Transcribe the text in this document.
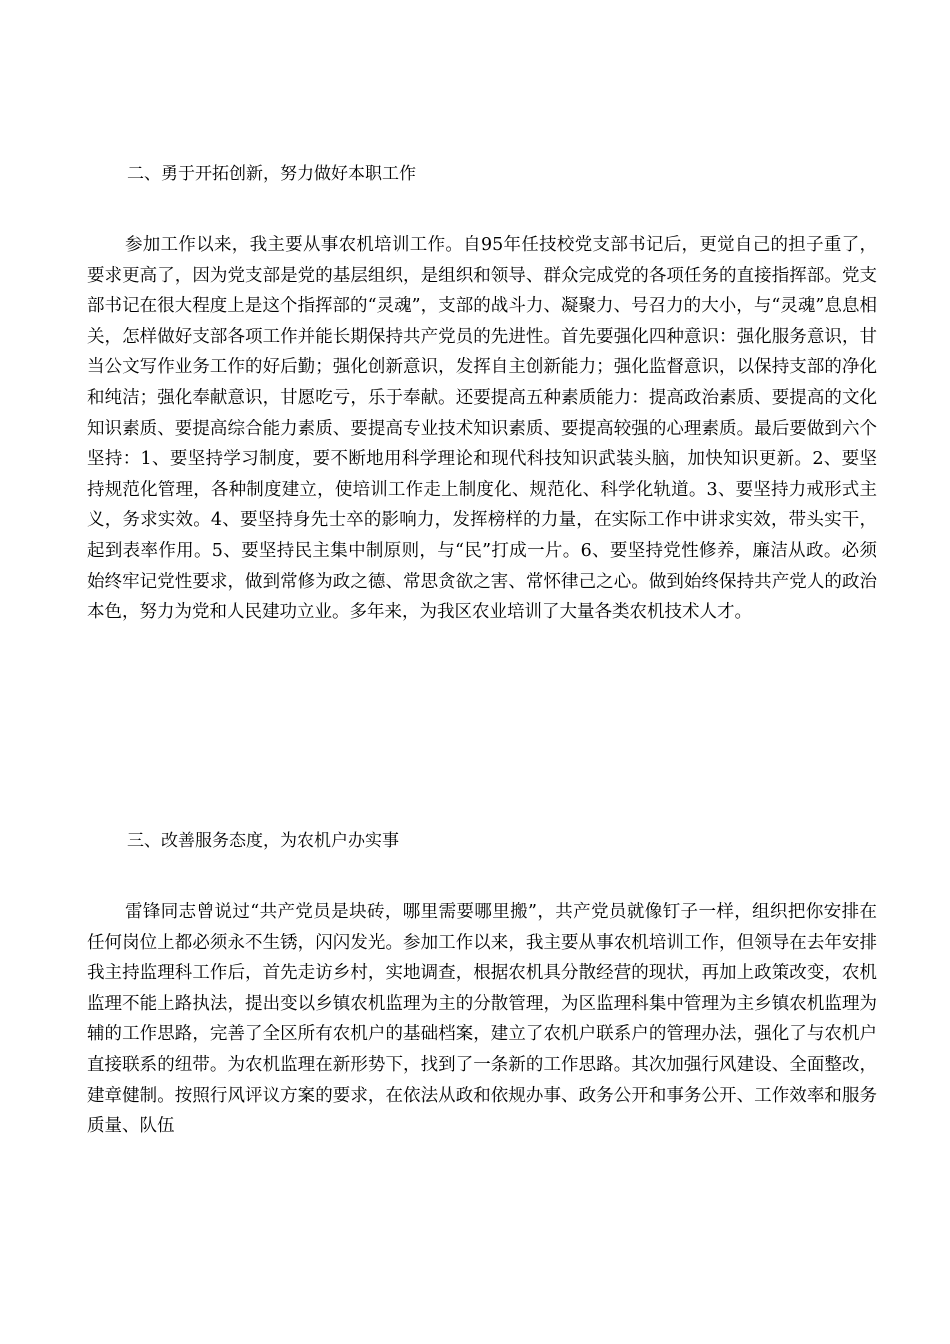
二、勇于开拓创新，努力做好本职工作

参加工作以来，我主要从事农机培训工作。自95年任技校党支部书记后，更觉自己的担子重了，要求更高了，因为党支部是党的基层组织，是组织和领导、群众完成党的各项任务的直接指挥部。党支部书记在很大程度上是这个指挥部的“灵魂”，支部的战斗力、凝聚力、号召力的大小，与“灵魂”息息相关，怎样做好支部各项工作并能长期保持共产党员的先进性。首先要强化四种意识：强化服务意识，甘当公文写作业务工作的好后勤；强化创新意识，发挥自主创新能力；强化监督意识，以保持支部的净化和纯洁；强化奉献意识，甘愿吃亏，乐于奉献。还要提高五种素质能力：提高政治素质、要提高的文化知识素质、要提高综合能力素质、要提高专业技术知识素质、要提高较强的心理素质。最后要做到六个坚持：1、要坚持学习制度，要不断地用科学理论和现代科技知识武装头脑，加快知识更新。2、要坚持规范化管理，各种制度建立，使培训工作走上制度化、规范化、科学化轨道。3、要坚持力戒形式主义，务求实效。4、要坚持身先士卒的影响力，发挥榜样的力量，在实际工作中讲求实效，带头实干，起到表率作用。5、要坚持民主集中制原则，与“民”打成一片。6、要坚持党性修养，廉洁从政。必须始终牢记党性要求，做到常修为政之德、常思贪欲之害、常怀律己之心。做到始终保持共产党人的政治本色，努力为党和人民建功立业。多年来，为我区农业培训了大量各类农机技术人才。

三、改善服务态度，为农机户办实事

雷锋同志曾说过“共产党员是块砖，哪里需要哪里搬”，共产党员就像钉子一样，组织把你安排在任何岗位上都必须永不生锈，闪闪发光。参加工作以来，我主要从事农机培训工作，但领导在去年安排我主持监理科工作后，首先走访乡村，实地调查，根据农机具分散经营的现状，再加上政策改变，农机监理不能上路执法，提出变以乡镇农机监理为主的分散管理，为区监理科集中管理为主乡镇农机监理为辅的工作思路，完善了全区所有农机户的基础档案，建立了农机户联系户的管理办法，强化了与农机户直接联系的纽带。为农机监理在新形势下，找到了一条新的工作思路。其次加强行风建设、全面整改，建章健制。按照行风评议方案的要求，在依法从政和依规办事、政务公开和事务公开、工作效率和服务质量、队伍
